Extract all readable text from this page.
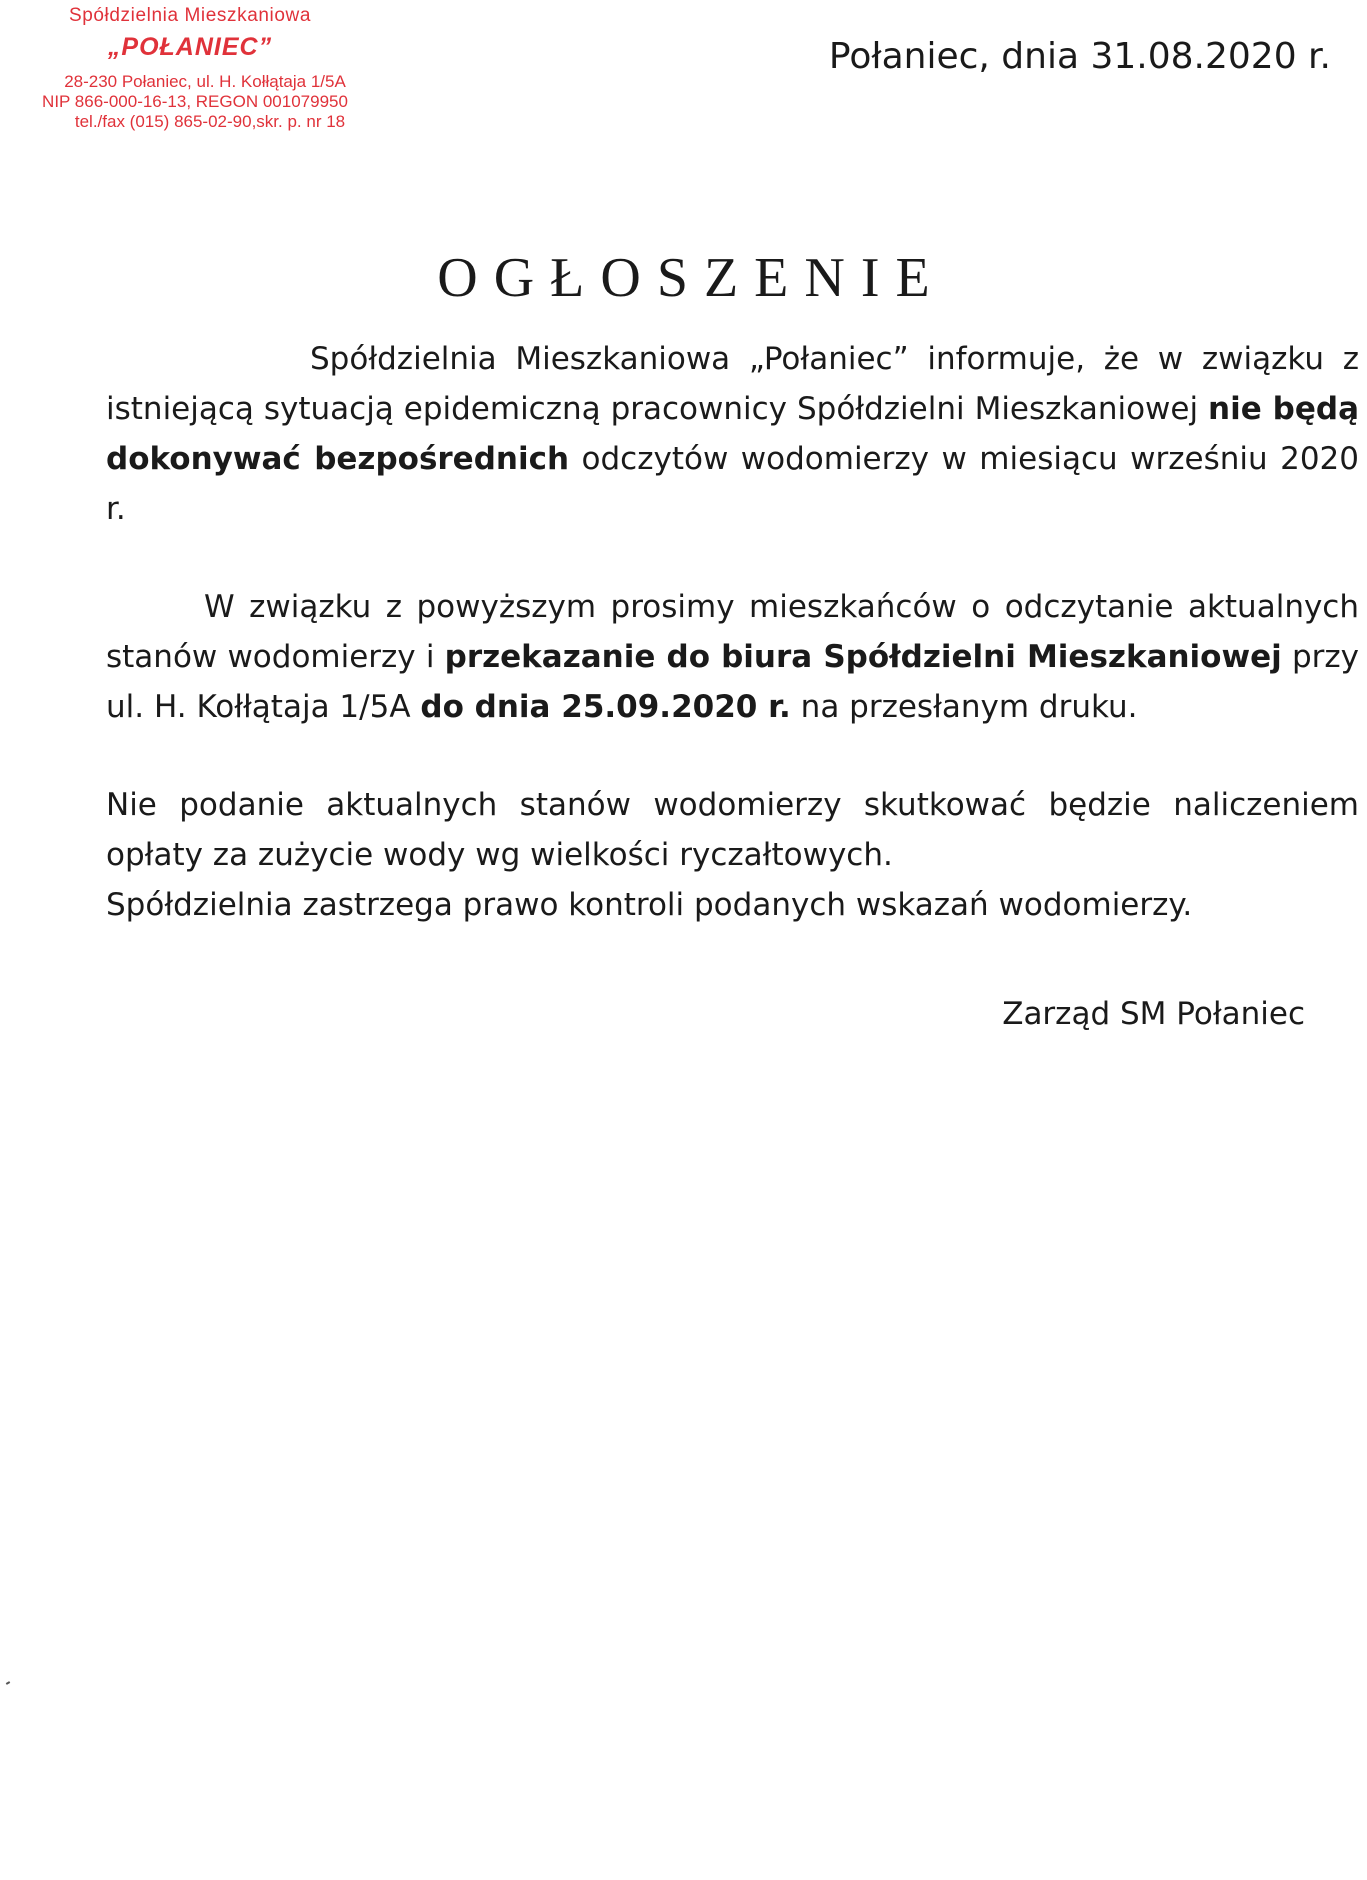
Spółdzielnia Mieszkaniowa
„POŁANIEC”
28-230 Połaniec, ul. H. Kołłątaja 1/5A
NIP 866-000-16-13, REGON 001079950
tel./fax (015) 865-02-90,skr. p. nr 18
Połaniec, dnia 31.08.2020 r.
OGŁOSZENIE

Spółdzielnia Mieszkaniowa „Połaniec” informuje, że w związku z istniejącą sytuacją epidemiczną pracownicy Spółdzielni Mieszkaniowej nie będą dokonywać bezpośrednich odczytów wodomierzy w miesiącu wrześniu 2020 r.

W związku z powyższym prosimy mieszkańców o odczytanie aktualnych stanów wodomierzy i przekazanie do biura Spółdzielni Mieszkaniowej przy ul. H. Kołłątaja 1/5A do dnia 25.09.2020 r. na przesłanym druku.

Nie podanie aktualnych stanów wodomierzy skutkować będzie naliczeniem opłaty za zużycie wody wg wielkości ryczałtowych.
Spółdzielnia zastrzega prawo kontroli podanych wskazań wodomierzy.

Zarząd SM Połaniec
